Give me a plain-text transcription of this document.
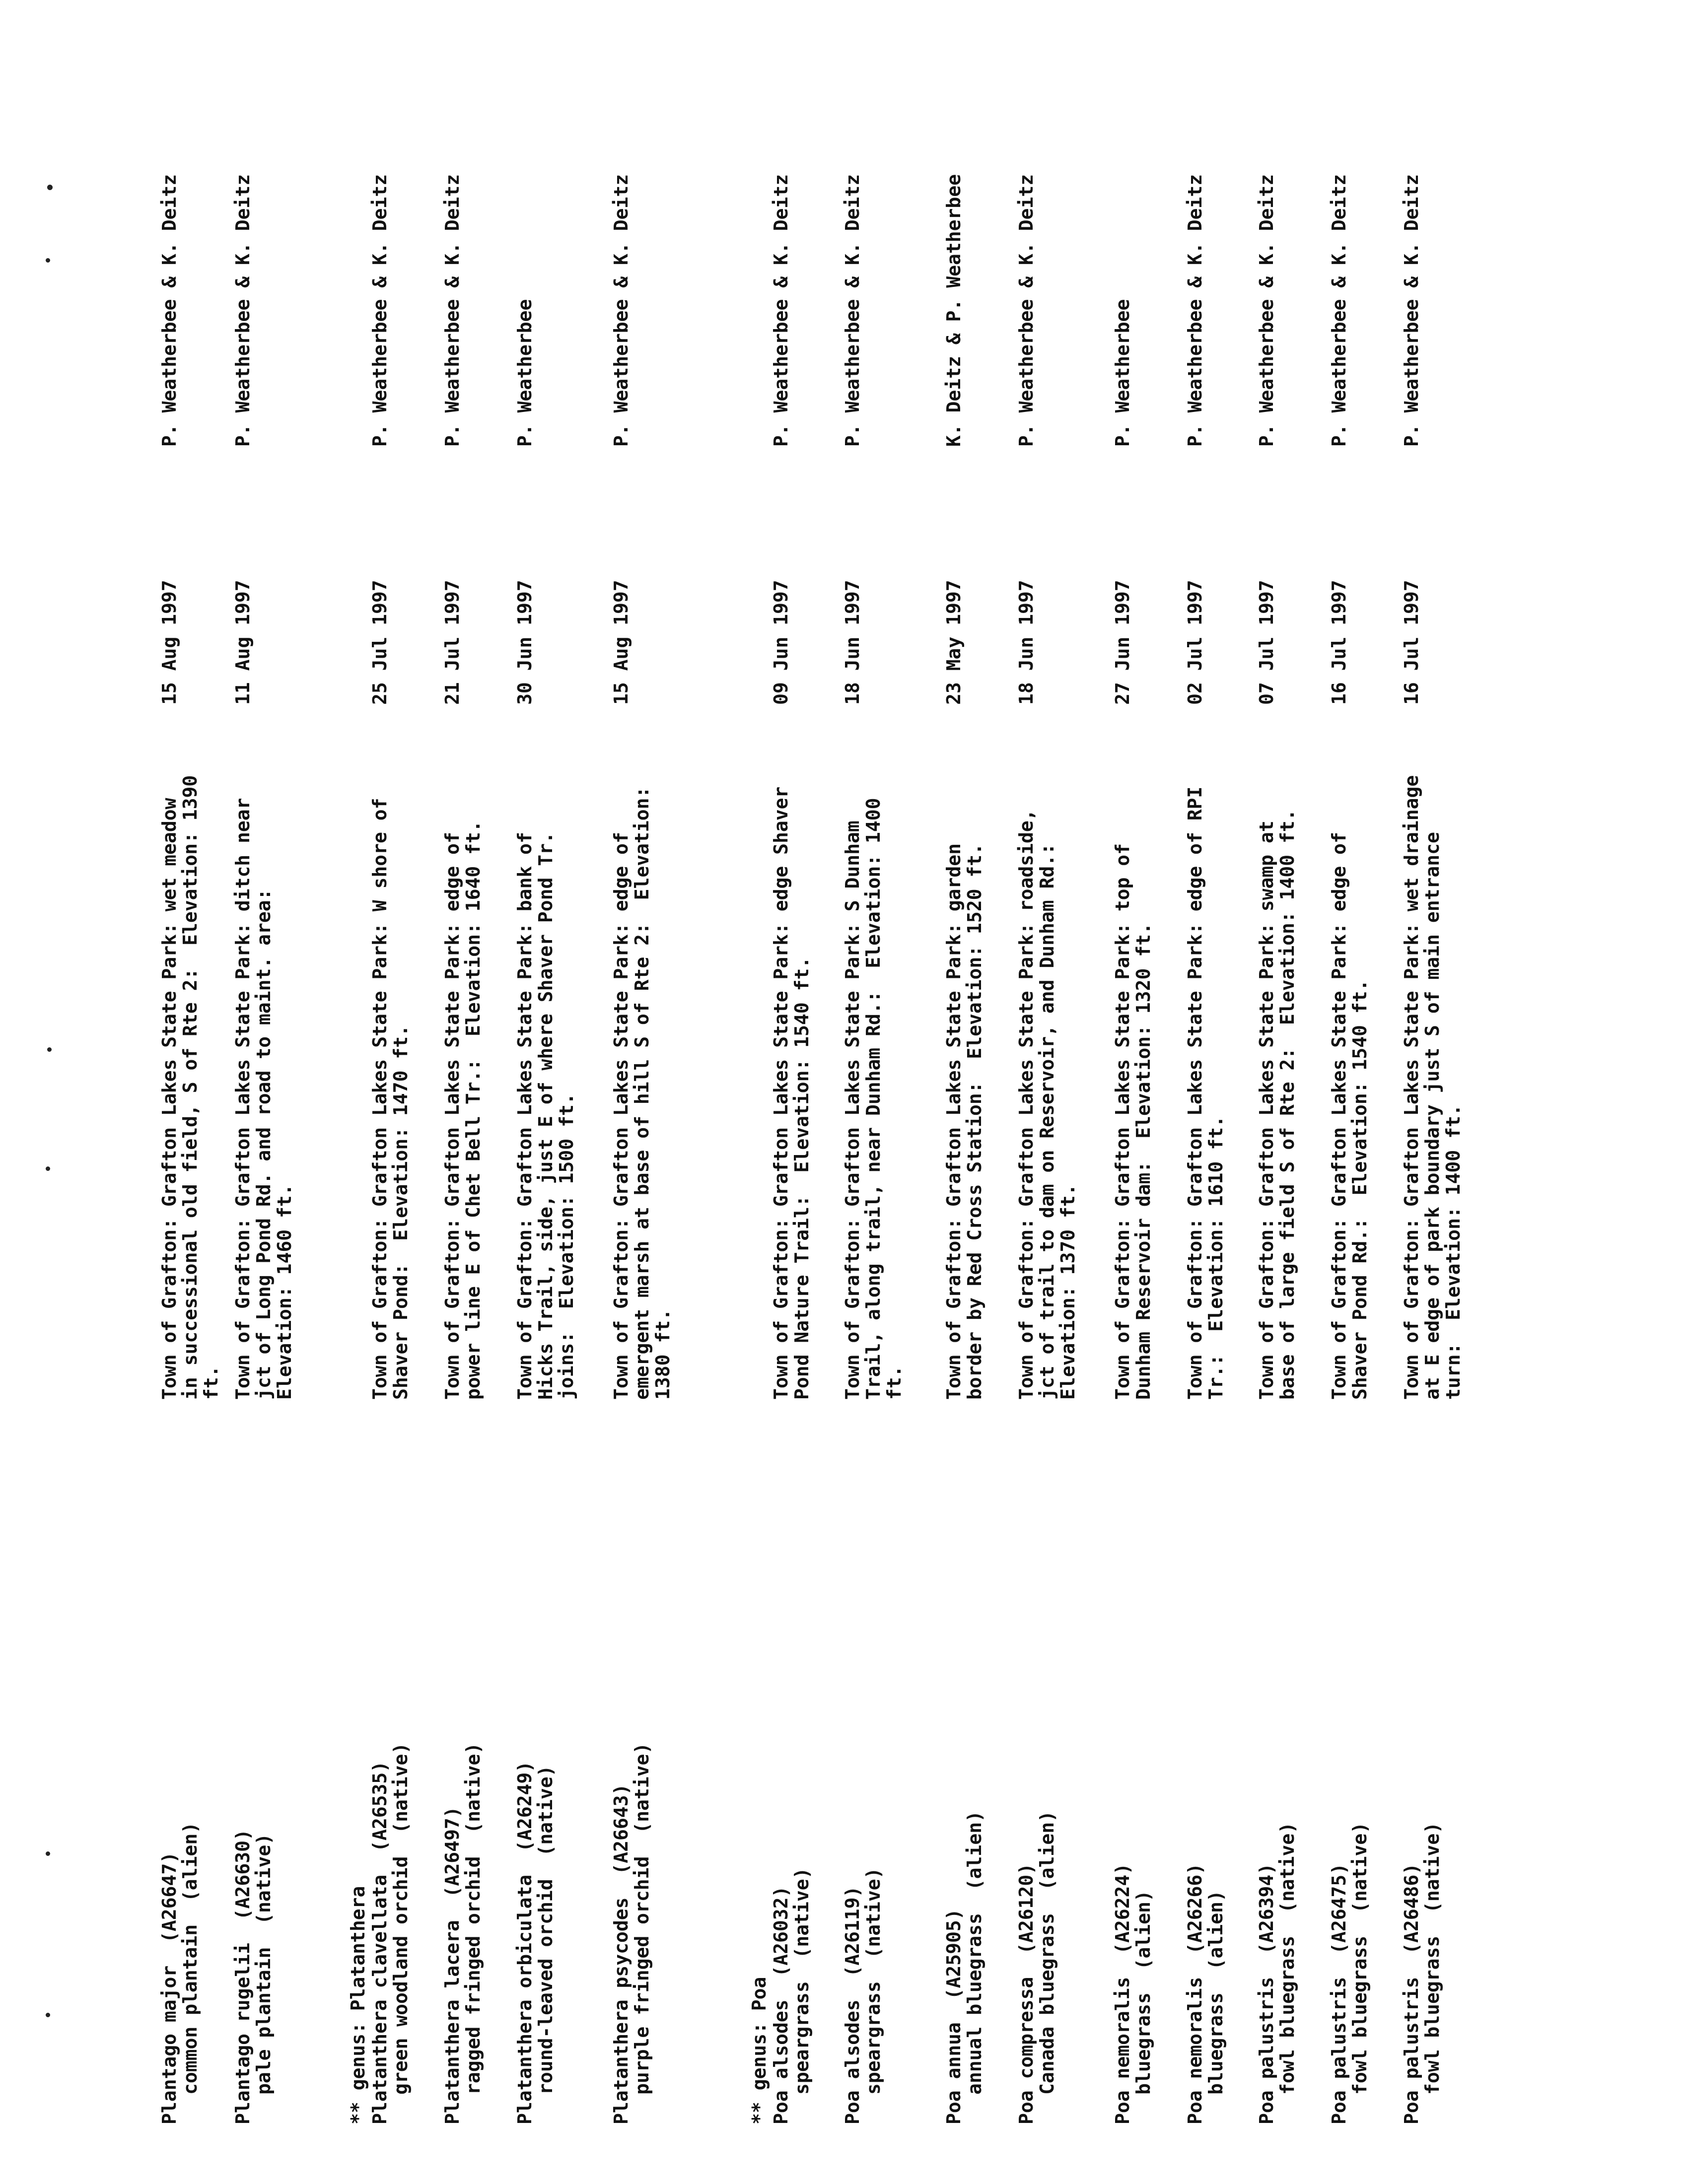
Plantago major  (A26647)
common plantain  (alien)
Town of Grafton: Grafton Lakes State Park: wet meadow in successional old field, S of Rte 2:  Elevation: 1390 ft.
15 Aug 1997
P. Weatherbee & K. Deitz
Plantago rugelii  (A26630)
pale plantain  (native)
Town of Grafton: Grafton Lakes State Park: ditch near jct of Long Pond Rd. and road to maint. area:  Elevation: 1460 ft.
11 Aug 1997
P. Weatherbee & K. Deitz
** genus: Platanthera Platanthera clavellata  (A26535)
green woodland orchid  (native)
Town of Grafton: Grafton Lakes State Park: W shore of Shaver Pond:  Elevation: 1470 ft.
25 Jul 1997
P. Weatherbee & K. Deitz
Platanthera lacera  (A26497)
ragged fringed orchid  (native)
Town of Grafton: Grafton Lakes State Park: edge of power line E of Chet Bell Tr.:  Elevation: 1640 ft.
21 Jul 1997
P. Weatherbee & K. Deitz
Platanthera orbiculata  (A26249)
round-leaved orchid  (native)
Town of Grafton: Grafton Lakes State Park: bank of Hicks Trail, side, just E of where Shaver Pond Tr. joins:  Elevation: 1500 ft.
30 Jun 1997
P. Weatherbee
Platanthera psycodes  (A26643)
purple fringed orchid  (native)
Town of Grafton: Grafton Lakes State Park: edge of emergent marsh at base of hill S of Rte 2:  Elevation: 1380 ft.
15 Aug 1997
P. Weatherbee & K. Deitz
** genus: Poa Poa alsodes  (A26032)
speargrass  (native)
Town of Grafton: Grafton Lakes State Park: edge Shaver Pond Nature Trail:  Elevation: 1540 ft.
09 Jun 1997
P. Weatherbee & K. Deitz
Poa alsodes  (A26119)
speargrass  (native)
Town of Grafton: Grafton Lakes State Park: S Dunham Trail, along trail, near Dunham Rd.:  Elevation: 1400 ft.
18 Jun 1997
P. Weatherbee & K. Deitz
Poa annua  (A25905)
annual bluegrass  (alien)
Town of Grafton: Grafton Lakes State Park: garden border by Red Cross Station:  Elevation: 1520 ft.
23 May 1997
K. Deitz & P. Weatherbee
Poa compressa  (A26120)
Canada bluegrass  (alien)
Town of Grafton: Grafton Lakes State Park: roadside, jct of trail to dam on Reservoir, and Dunham Rd.:  Elevation: 1370 ft.
18 Jun 1997
P. Weatherbee & K. Deitz
Poa nemoralis  (A26224)
bluegrass  (alien)
Town of Grafton: Grafton Lakes State Park: top of Dunham Reservoir dam:  Elevation: 1320 ft.
27 Jun 1997
P. Weatherbee
Poa nemoralis  (A26266)
bluegrass  (alien)
Town of Grafton: Grafton Lakes State Park: edge of RPI Tr.:  Elevation: 1610 ft.
02 Jul 1997
P. Weatherbee & K. Deitz
Poa palustris  (A26394)
fowl bluegrass  (native)
Town of Grafton: Grafton Lakes State Park: swamp at base of large field S of Rte 2:  Elevation: 1400 ft.
07 Jul 1997
P. Weatherbee & K. Deitz
Poa palustris  (A26475)
fowl bluegrass  (native)
Town of Grafton: Grafton Lakes State Park: edge of Shaver Pond Rd.:  Elevation: 1540 ft.
16 Jul 1997
P. Weatherbee & K. Deitz
Poa palustris  (A26486)
fowl bluegrass  (native)
Town of Grafton: Grafton Lakes State Park: wet drainage at E edge of park boundary just S of main entrance turn:  Elevation: 1400 ft.
16 Jul 1997
P. Weatherbee & K. Deitz
